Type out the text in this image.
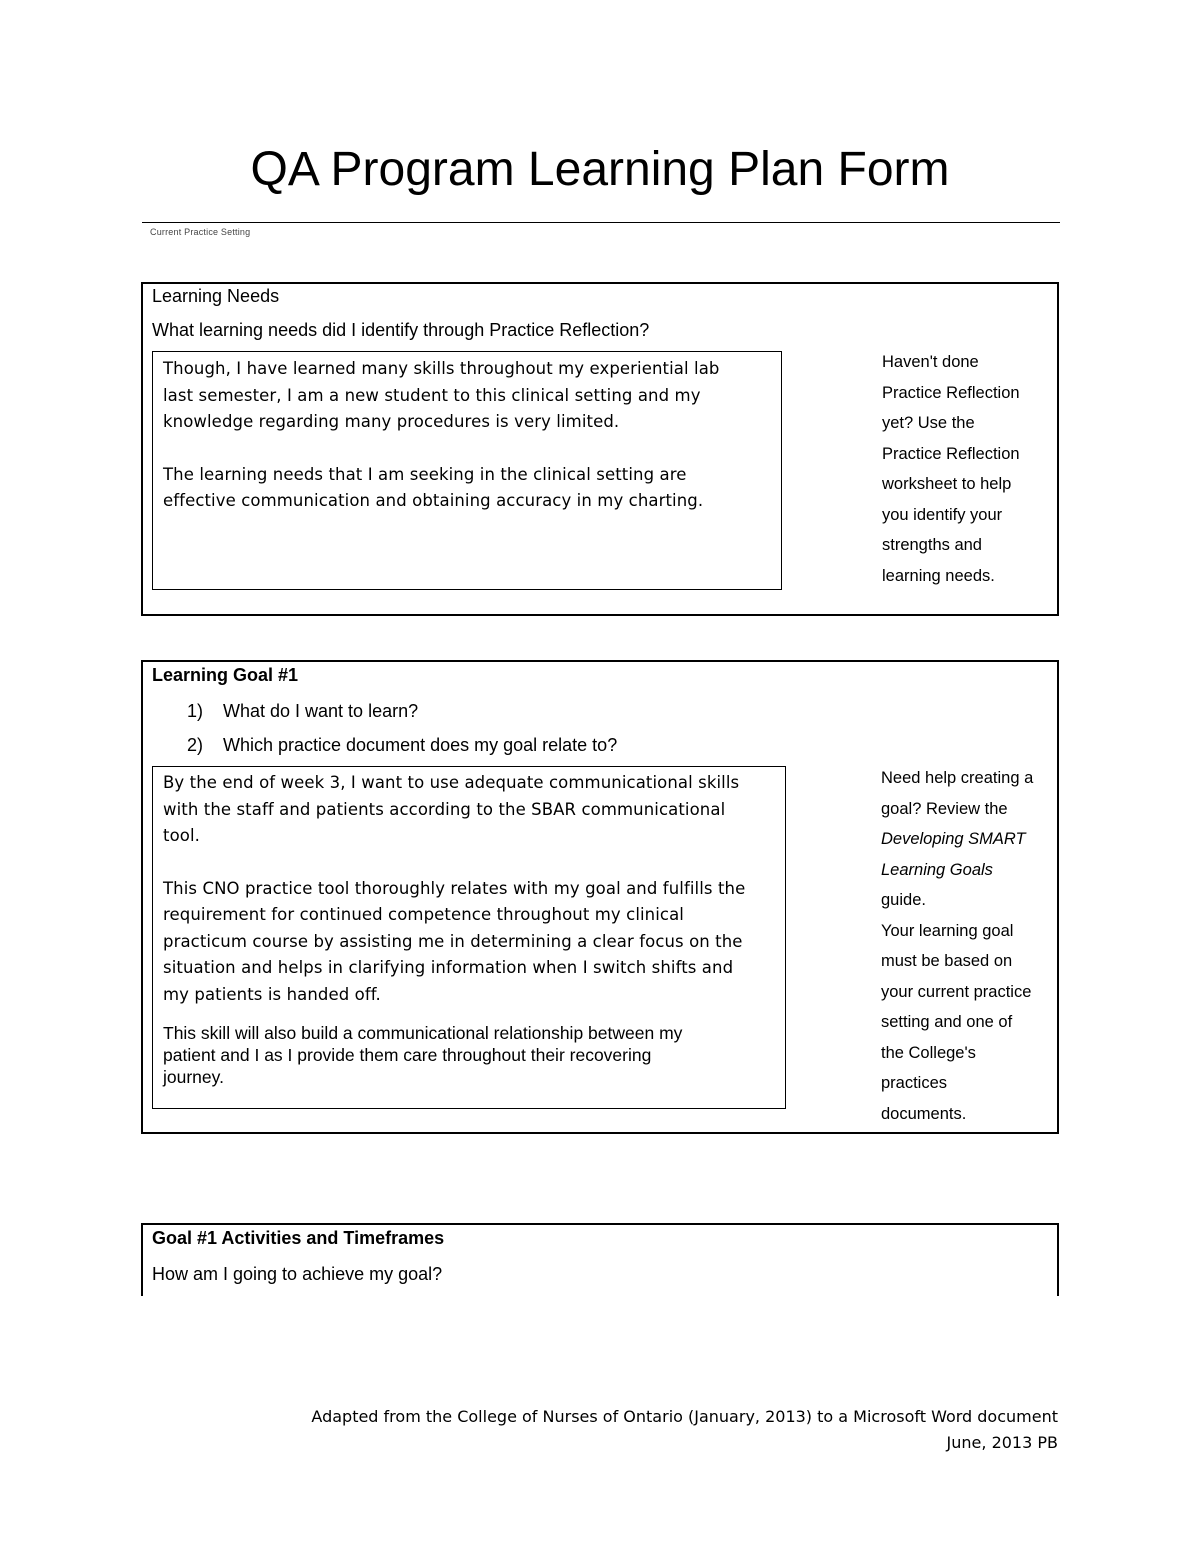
QA Program Learning Plan Form
Current Practice Setting
Learning Needs
What learning needs did I identify through Practice Reflection?
Though, I have learned many skills throughout my experiential lab
last semester, I am a new student to this clinical setting and my
knowledge regarding many procedures is very limited.
The learning needs that I am seeking in the clinical setting are
effective communication and obtaining accuracy in my charting.
Haven't done
Practice Reflection
yet? Use the
Practice Reflection
worksheet to help
you identify your
strengths and
learning needs.
Learning Goal #1
1) What do I want to learn?
2) Which practice document does my goal relate to?
By the end of week 3, I want to use adequate communicational skills
with the staff and patients according to the SBAR communicational
tool.
This CNO practice tool thoroughly relates with my goal and fulfills the
requirement for continued competence throughout my clinical
practicum course by assisting me in determining a clear focus on the
situation and helps in clarifying information when I switch shifts and
my patients is handed off.
This skill will also build a communicational relationship between my
patient and I as I provide them care throughout their recovering
journey.
Need help creating a
goal? Review the
Developing SMART
Learning Goals
guide.
Your learning goal
must be based on
your current practice
setting and one of
the College's
practices
documents.
Goal #1 Activities and Timeframes
How am I going to achieve my goal?
Adapted from the College of Nurses of Ontario (January, 2013) to a Microsoft Word document
June, 2013 PB
